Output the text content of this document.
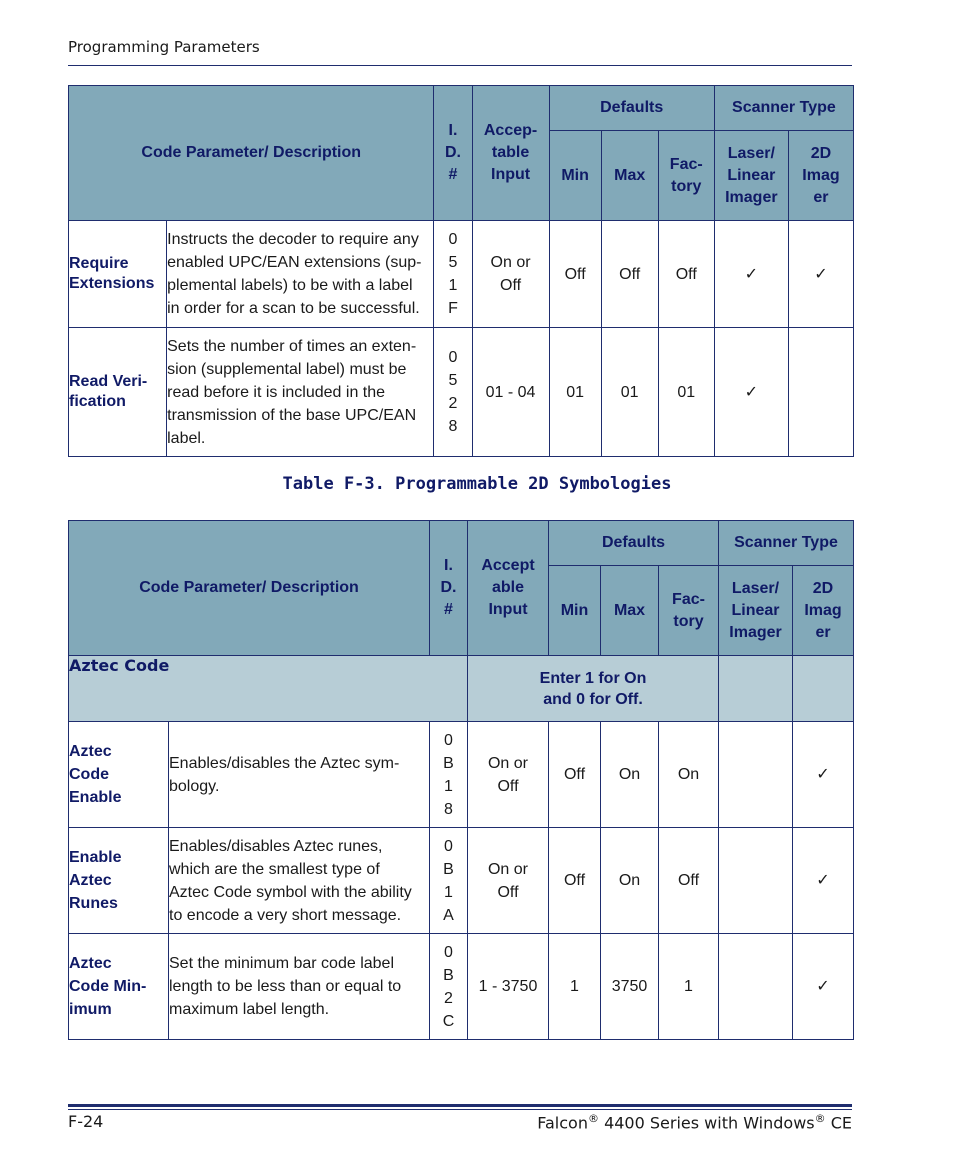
Programming Parameters
Code Parameter/ Description		I.
D.
#	Accep-
table
Input	Defaults			Scanner Type	
				Min	Max	Fac-
tory	Laser/
Linear
Imager	2D
Imag
er
Require
Extensions	Instructs the decoder to require any
enabled UPC/EAN extensions (sup-
plemental labels) to be with a label
in order for a scan to be successful.	0
5
1
F	On or
Off	Off	Off	Off	✓	✓
Read Veri-
fication	Sets the number of times an exten-
sion (supplemental label) must be
read before it is included in the
transmission of the base UPC/EAN
label.	0
5
2
8	01 - 04	01	01	01	✓	
Table F-3. Programmable 2D Symbologies
Code Parameter/ Description		I.
D.
#	Accept
able
Input	Defaults			Scanner Type	
				Min	Max	Fac-
tory	Laser/
Linear
Imager	2D
Imag
er
Aztec Code			Enter 1 for On
and 0 for Off.					
Aztec
Code
Enable	Enables/disables the Aztec sym-
bology.	0
B
1
8	On or
Off	Off	On	On		✓
Enable
Aztec
Runes	Enables/disables Aztec runes,
which are the smallest type of
Aztec Code symbol with the ability
to encode a very short message.	0
B
1
A	On or
Off	Off	On	Off		✓
Aztec
Code Min-
imum	Set the minimum bar code label
length to be less than or equal to
maximum label length.	0
B
2
C	1 - 3750	1	3750	1		✓
F-24	Falcon® 4400 Series with Windows® CE
